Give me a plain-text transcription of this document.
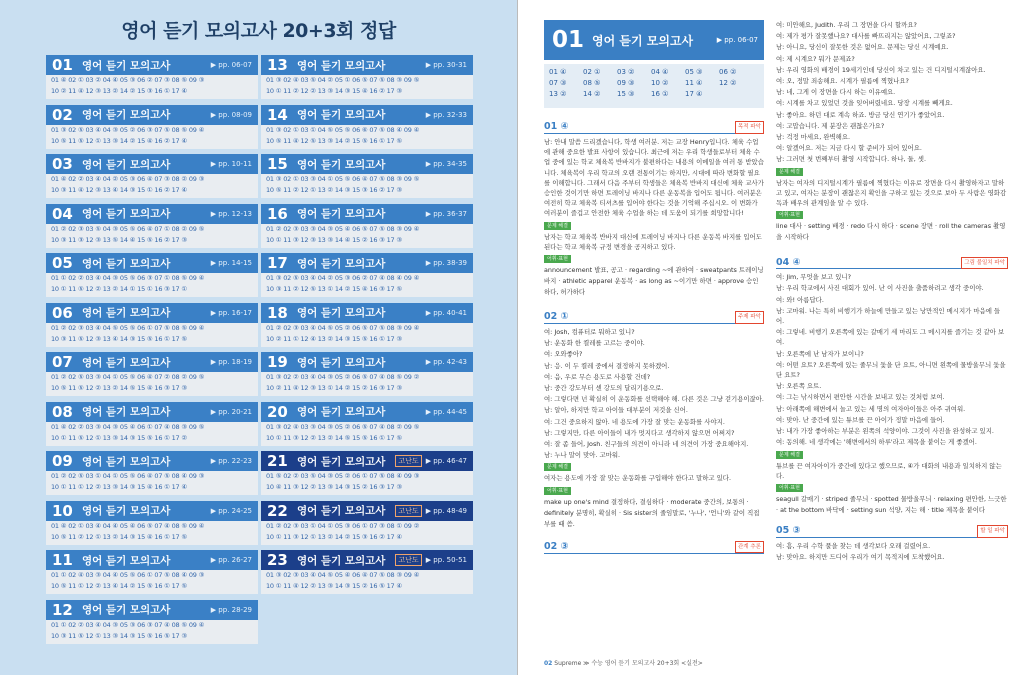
영어 듣기 모의고사 20+3회 정답
01 영어 듣기 모의고사	▶ pp. 06-07
01 ④ 02 ① 03 ② 04 ④ 05 ③ 06 ② 07 ③ 08 ⑤ 09 ③
10 ② 11 ④ 12 ③ 13 ② 14 ② 15 ③ 16 ① 17 ④
02 영어 듣기 모의고사	▶ pp. 08-09
01 ③ 02 ⑤ 03 ④ 04 ③ 05 ② 06 ③ 07 ⑤ 08 ⑤ 09 ④
10 ⑤ 11 ⑤ 12 ① 13 ③ 14 ② 15 ④ 16 ② 17 ④
03 영어 듣기 모의고사	▶ pp. 10-11
01 ④ 02 ② 03 ④ 04 ② 05 ③ 06 ④ 07 ③ 08 ② 09 ③
10 ③ 11 ④ 12 ③ 13 ④ 14 ③ 15 ① 16 ② 17 ④
04 영어 듣기 모의고사	▶ pp. 12-13
01 ② 02 ③ 03 ⑤ 04 ③ 05 ⑤ 06 ④ 07 ① 08 ② 09 ⑤
10 ③ 11 ③ 12 ③ 13 ⑤ 14 ④ 15 ⑤ 16 ② 17 ③
05 영어 듣기 모의고사	▶ pp. 14-15
01 ① 02 ② 03 ④ 04 ③ 05 ⑤ 06 ③ 07 ① 08 ⑤ 09 ④
10 ① 11 ⑤ 12 ② 13 ② 14 ① 15 ① 16 ③ 17 ①
06 영어 듣기 모의고사	▶ pp. 16-17
01 ② 02 ③ 03 ④ 04 ⑤ 05 ⑤ 06 ① 07 ⑤ 08 ⑤ 09 ④
10 ③ 11 ⑤ 12 ③ 13 ④ 14 ③ 15 ⑤ 16 ① 17 ⑤
07 영어 듣기 모의고사	▶ pp. 18-19
01 ② 02 ⑤ 03 ③ 04 ① 05 ⑤ 06 ④ 07 ② 08 ② 09 ⑤
10 ⑤ 11 ⑤ 12 ② 13 ② 14 ⑤ 15 ④ 16 ③ 17 ③
08 영어 듣기 모의고사	▶ pp. 20-21
01 ④ 02 ② 03 ③ 04 ③ 05 ④ 06 ① 07 ④ 08 ③ 09 ⑤
10 ① 11 ⑤ 12 ① 13 ③ 14 ③ 15 ⑤ 16 ① 17 ②
09 영어 듣기 모의고사	▶ pp. 22-23
01 ② 02 ⑤ 03 ① 04 ① 05 ⑤ 06 ④ 07 ⑤ 08 ④ 09 ③
10 ① 11 ① 12 ② 13 ③ 14 ③ 15 ④ 16 ① 17 ④
10 영어 듣기 모의고사	▶ pp. 24-25
01 ④ 02 ① 03 ④ 04 ④ 05 ④ 06 ⑤ 07 ④ 08 ⑤ 09 ④
10 ⑤ 11 ② 12 ① 13 ② 14 ③ 15 ④ 16 ① 17 ⑤
11 영어 듣기 모의고사	▶ pp. 26-27
01 ① 02 ④ 03 ③ 04 ④ 05 ⑤ 06 ① 07 ⑤ 08 ④ 09 ③
10 ⑤ 11 ① 12 ② 13 ④ 14 ② 15 ⑤ 16 ① 17 ⑤
12 영어 듣기 모의고사	▶ pp. 28-29
01 ① 02 ② 03 ④ 04 ③ 05 ③ 06 ③ 07 ④ 08 ⑤ 09 ④
10 ③ 11 ⑤ 12 ① 13 ③ 14 ③ 15 ⑤ 16 ⑤ 17 ③
13 영어 듣기 모의고사	▶ pp. 30-31
01 ③ 02 ④ 03 ⑤ 04 ② 05 ① 06 ⑤ 07 ⑤ 08 ③ 09 ⑤
10 ① 11 ② 12 ② 13 ③ 14 ③ 15 ④ 16 ② 17 ③
14 영어 듣기 모의고사	▶ pp. 32-33
01 ③ 02 ① 03 ① 04 ⑤ 05 ⑤ 06 ⑥ 07 ⑤ 08 ④ 09 ④
10 ⑤ 11 ④ 12 ⑤ 13 ③ 14 ② 15 ⑤ 16 ① 17 ⑤
15 영어 듣기 모의고사	▶ pp. 34-35
01 ③ 02 ① 03 ③ 04 ① 05 ⑤ 06 ④ 07 ⑤ 08 ③ 09 ⑤
10 ⑤ 11 ② 12 ① 13 ② 14 ③ 15 ③ 16 ② 17 ③
16 영어 듣기 모의고사	▶ pp. 36-37
01 ② 02 ③ 03 ③ 04 ③ 05 ④ 06 ⑤ 07 ⑤ 08 ③ 09 ④
10 ① 11 ③ 12 ③ 13 ③ 14 ④ 15 ② 16 ③ 17 ③
17 영어 듣기 모의고사	▶ pp. 38-39
01 ③ 02 ⑤ 03 ④ 04 ② 05 ③ 06 ② 07 ④ 08 ④ 09 ④
10 ③ 11 ② 12 ⑤ 13 ① 14 ② 15 ④ 16 ③ 17 ⑤
18 영어 듣기 모의고사	▶ pp. 40-41
01 ② 02 ③ 03 ④ 04 ⑤ 05 ② 06 ⑤ 07 ⑤ 08 ③ 09 ④
10 ② 11 ① 12 ④ 13 ② 14 ③ 15 ⑤ 16 ① 17 ③
19 영어 듣기 모의고사	▶ pp. 42-43
01 ③ 02 ② 03 ④ 04 ③ 05 ② 06 ⑤ 07 ④ 08 ⑤ 09 ②
10 ② 11 ④ 12 ③ 13 ① 14 ② 15 ② 16 ③ 17 ③
20 영어 듣기 모의고사	▶ pp. 44-45
01 ③ 02 ④ 03 ③ 04 ③ 05 ② 06 ⑤ 07 ④ 08 ② 09 ⑤
10 ① 11 ③ 12 ② 13 ② 14 ⑤ 15 ⑤ 16 ① 17 ⑤
21 영어 듣기 모의고사	고난도	▶ pp. 46-47
01 ⑤ 02 ② 03 ⑤ 04 ③ 05 ② 06 ① 07 ⑤ 08 ④ 09 ③
10 ④ 11 ③ 12 ② 13 ③ 14 ③ 15 ② 16 ③ 17 ③
22 영어 듣기 모의고사	고난도	▶ pp. 48-49
01 ② 02 ③ 03 ① 04 ① 05 ③ 06 ① 07 ③ 08 ① 09 ②
10 ① 11 ③ 12 ① 13 ② 14 ② 15 ③ 16 ② 17 ④
23 영어 듣기 모의고사	고난도	▶ pp. 50-51
01 ③ 02 ③ 03 ④ 04 ⑤ 05 ④ 06 ④ 07 ⑤ 08 ③ 09 ④
10 ① 11 ④ 12 ② 13 ③ 14 ③ 15 ② 16 ⑤ 17 ④
01 영어 듣기 모의고사	▶ pp. 06-07
01 ④ 02 ① 03 ② 04 ④ 05 ③ 06 ②
07 ③ 08 ⑤ 09 ③ 10 ② 11 ④ 12 ②
13 ② 14 ② 15 ③ 16 ① 17 ④
01 ④	목적 파악
남: 안내 말씀 드리겠습니다, 학생 여러분. 저는 교장 Henry입니다. 체육 수업에 관해 중요한 발표 사항이 있습니다. 최근에 저는 우리 학생들로부터 체육 수업 중에 있는 학교 체육복 반바지가 불편하다는 내용의 이메일을 여러 통 받았습니다. 체육복이 우리 학교의 오랜 전통이기는 하지만, 시대에 따라 변화할 필요를 이해합니다. 그래서 다음 주부터 학생들은 체육복 반바지 대신에 체육 교사가 승인한 것이기만 하면 트레이닝 바지나 다른 운동복을 입어도 됩니다. 여러분은 여전히 학교 체육복 티셔츠를 입어야 한다는 것을 기억해 주십시오. 이 변화가 여러분이 즐겁고 안전한 체육 수업을 하는 데 도움이 되기를 희망합니다!
문제 해결
남자는 학교 체육복 반바지 대신에 트레이닝 바지나 다른 운동복 바지를 입어도 된다는 학교 체육복 규정 변경을 공지하고 있다.
어휘·표현
announcement 발표, 공고 · regarding ~에 관하여 · sweatpants 트레이닝 바지 · athletic apparel 운동복 · as long as ~이기만 하면 · approve 승인하다, 허가하다
02 ①	주제 파악
여: Josh, 컴퓨터로 뭐하고 있니?
남: 운동화 한 켤레를 고르는 중이야.
여: 오와좋아?
남: 응. 이 두 켤레 중에서 결정하지 못하겠어.
여: 음, 우로 무슨 용도로 사용할 건데?
남: 중간 강도부터 센 강도의 달리기용으로.
여: 그렇다면 넌 확실히 이 운동화를 선택해야 해. 다른 것은 그냥 걷기용이잖아.
남: 알아, 하지만 학교 아이들 대부분이 저것을 신어.
여: 그건 중요하지 않아. 네 용도에 가장 잘 맞는 운동화를 사야지.
남: 그렇지만, 다른 아이들이 내가 멋지다고 생각하지 않으면 어쩌지?
여: 잘 좀 들어, Josh. 친구들의 의견이 아니라 네 의견이 가장 중요해야지.
남: 누나 말이 맞아. 고마워.
문제 해결
여자는 용도에 가장 잘 맞는 운동화를 구입해야 한다고 말하고 있다.
어휘·표현
make up one's mind 결정하다, 결심하다 · moderate 중간의, 보통의 · definitely 분명히, 확실히 · Sis sister의 줄임말로, '누나', '언니'와 같이 직접 부를 때 씀.
02 ③	관계 추론
여: 미안해요, Judith. 우리 그 장면을 다시 할까요?
여: 제가 평가 잘못했나요? 대사를 빠뜨리지는 않았어요, 그렇죠?
남: 아니요, 당신이 잘못한 것은 없어요. 문제는 당신 시계예요.
여: 제 시계요? 뭐가 문제죠?
남: 우리 영화의 배경이 19세기인데 당신이 차고 있는 건 디지털시계잖아요.
여: 오, 정말 죄송해요. 시계가 필름에 찍혔나요?
남: 네, 그게 이 장면을 다시 하는 이유예요.
여: 시계를 차고 있었던 것을 잊어버렸네요. 당장 시계를 빼게요.
남: 좋아요. 하던 대로 계속 하죠. 방금 당신 연기가 좋았어요.
여: 고맙습니다. 제 분장은 괜찮은가요?
남: 걱정 마세요, 완벽해요.
여: 알겠어요. 저는 지금 다시 할 준비가 되어 있어요.
남: 그러면 첫 번째부터 촬영 시작합니다. 하나, 둘, 셋.
문제 해결
남자는 여자의 디지털시계가 필름에 찍혔다는 이유로 장면을 다시 촬영하자고 말하고 있고, 여자는 분장이 괜찮은지 확인을 구하고 있는 것으로 보아 두 사람은 영화감독과 배우의 관계임을 알 수 있다.
어휘·표현
line 대사 · setting 배경 · redo 다시 하다 · scene 장면 · roll the cameras 촬영을 시작하다
04 ④	그림 불일치 파악
여: Jim, 무엇을 보고 있니?
남: 우리 학교에서 사진 대회가 있어. 난 이 사진을 출품하려고 생각 중이야.
여: 와! 아름답다.
남: 고마워. 나는 특히 비행기가 하늘에 만들고 있는 낭만적인 메시지가 마음에 들어.
여: 그렇네. 비행기 오른쪽에 있는 갈매기 세 마리도 그 메시지를 즐기는 것 같아 보여.
남: 오른쪽에 난 남자가 보이니?
여: 어떤 요트? 오른쪽에 있는 줄무늬 돛을 단 요트, 아니면 왼쪽에 물방울무늬 돛을 단 요트?
남: 오른쪽 요트.
여: 그는 낚시하면서 편안한 시간을 보내고 있는 것처럼 보여.
남: 아래쪽에 해변에서 놀고 있는 세 명의 여자아이들은 아주 귀여워.
여: 맞아. 난 중간에 있는 튜브를 끈 아이가 정말 마음에 들어.
남: 내가 가장 좋아하는 부분은 왼쪽의 석양이야. 그것이 사진을 완성하고 있지.
여: 동의해. 네 생각에는 '해변에서의 하루'라고 제목을 붙이는 게 좋겠어.
문제 해결
튜브를 끈 여자아이가 중간에 있다고 했으므로, ④가 대화의 내용과 일치하지 않는다.
어휘·표현
seagull 갈매기 · striped 줄무늬 · spotted 물방울무늬 · relaxing 편안한, 느긋한 · at the bottom 바닥에 · setting sun 석양, 지는 해 · title 제목을 붙이다
05 ③	할 일 파악
여: 흠, 우리 수학 풀을 찾는 데 생각보다 오래 걸렸어요.
남: 맞아요. 하지만 드디어 우리가 여기 목적지에 도착했어요.
02 Supreme ≫ 수능 영어 듣기 모의고사 20+3회 <실전>
